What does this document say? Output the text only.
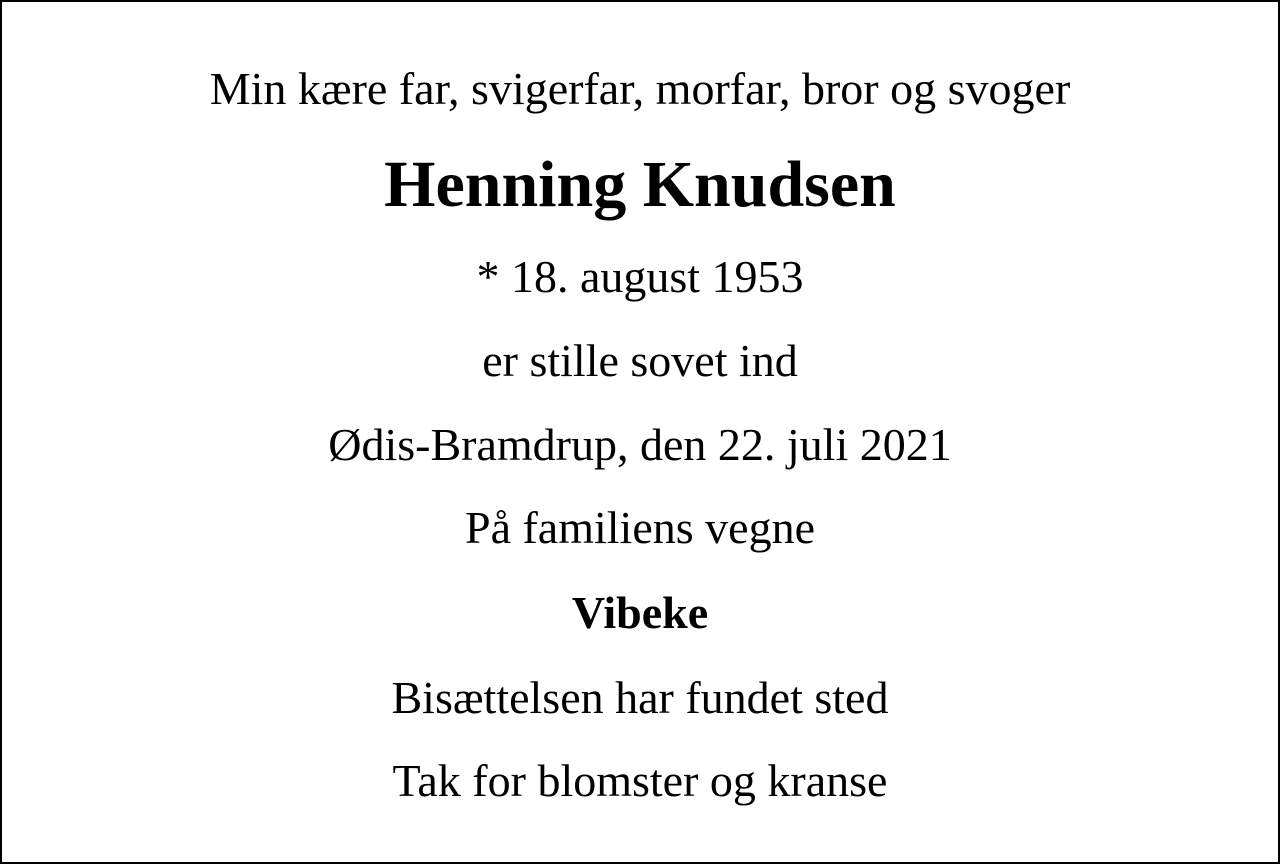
Min kære far, svigerfar, morfar, bror og svoger
Henning Knudsen
* 18. august 1953
er stille sovet ind
Ødis-Bramdrup, den 22. juli 2021
På familiens vegne
Vibeke
Bisættelsen har fundet sted
Tak for blomster og kranse
